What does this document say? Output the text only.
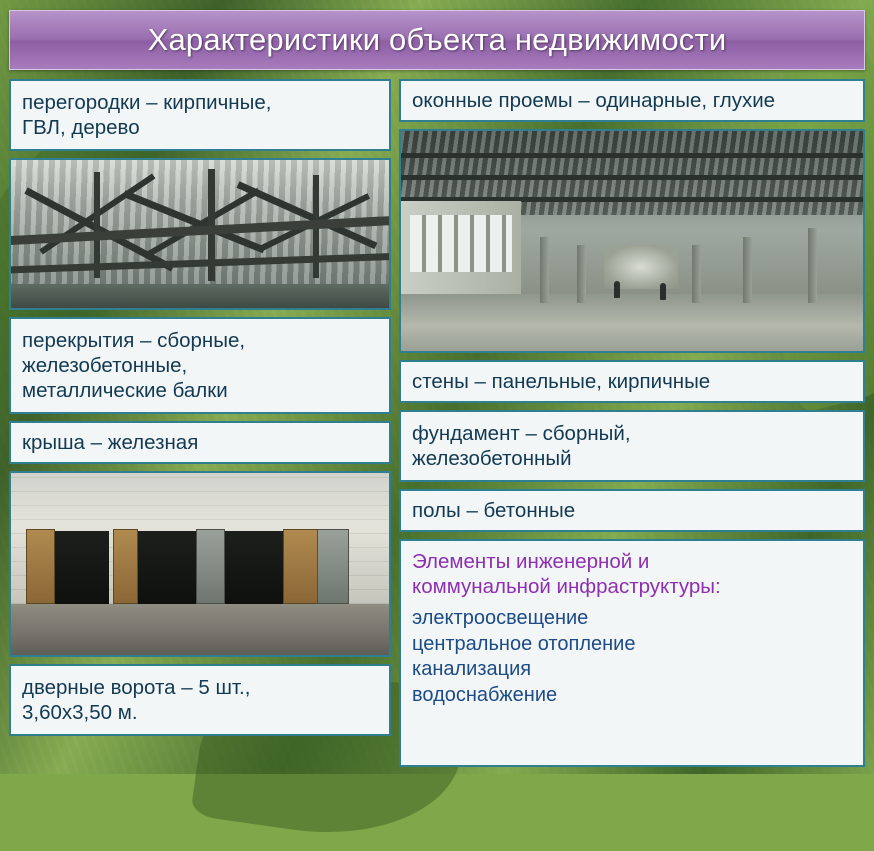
Характеристики объекта недвижимости
перегородки – кирпичные,
ГВЛ, дерево
перекрытия – сборные,
железобетонные,
металлические балки
крыша – железная
дверные ворота – 5 шт.,
3,60х3,50 м.
оконные проемы – одинарные, глухие
стены – панельные, кирпичные
фундамент – сборный,
железобетонный
полы – бетонные
Элементы инженерной и
коммунальной инфраструктуры:
электроосвещение
центральное отопление
канализация
водоснабжение
